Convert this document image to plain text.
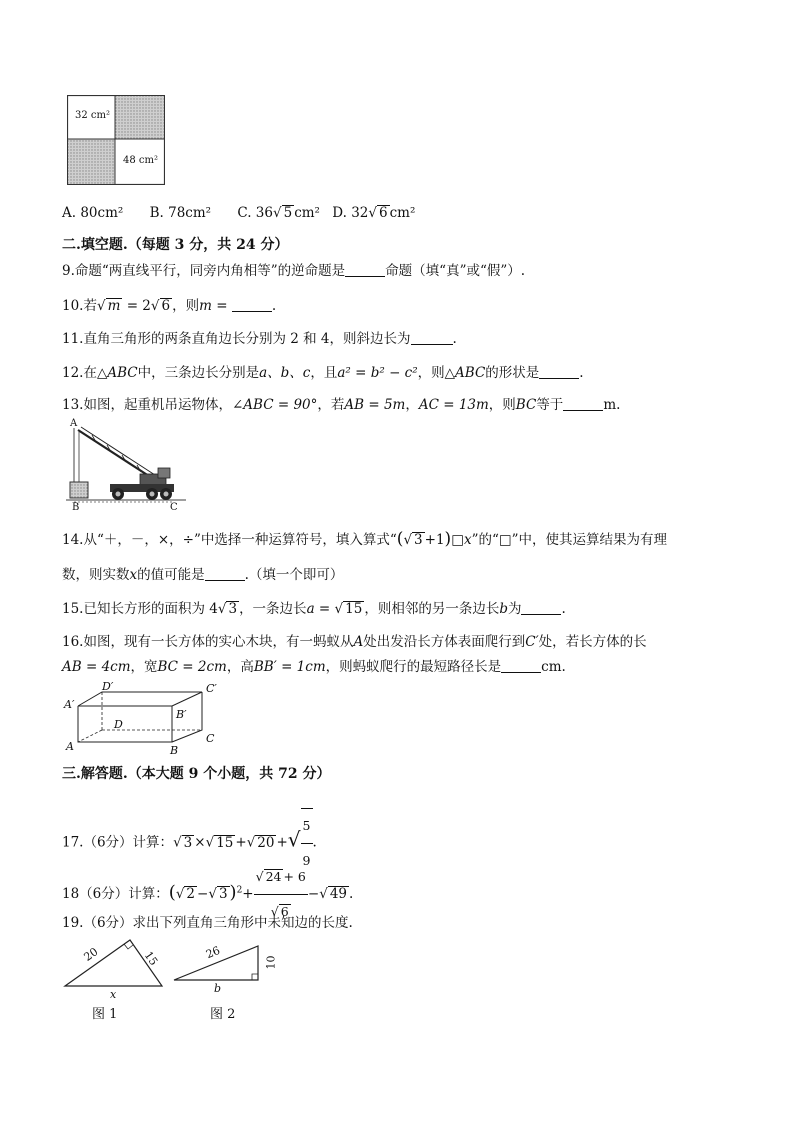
32 cm²
48 cm²
A. 80cm² B. 78cm² C. 36√ 5 cm² D. 32√ 6 cm²
二.填空题.（每题 3 分，共 24 分）
9.命题“两直线平行，同旁内角相等”的逆命题是	命题（填“真”或“假”）.
10.若√ m = 2√ 6 ，则m =	.
11.直角三角形的两条直角边长分别为 2 和 4，则斜边长为	.
12.在△ABC中，三条边长分别是a、b、c，且a² = b² − c²，则△ABC的形状是	.
13.如图，起重机吊运物体，∠ABC = 90°，若AB = 5m，AC = 13m，则BC等于	m.
A
B	C
14.从“＋，－，×，÷”中选择一种运算符号，填入算式“(√ 3 +1)□x”的“□”中，使其运算结果为有理
数，则实数x的值可能是	.（填一个即可）
15.已知长方形的面积为 4√ 3 ，一条边长a = √ 15 ，则相邻的另一条边长b为	.
16.如图，现有一长方体的实心木块，有一蚂蚁从A处出发沿长方体表面爬行到C′处，若长方体的长
AB = 4cm，宽BC = 2cm，高BB′ = 1cm，则蚂蚁爬行的最短路径长是	cm.
A′
D′	C′
B′
D
A	B
C
三.解答题.（本大题 9 个小题，共 72 分）
17.（6分）计算：√ 3 ×√ 15 +√ 20 +√ $\frac{5}{9}$ .
18（6分）计算：(√ 2 −√ 3 )$^2+ \frac{√ 24 + 6}{√ 6}$ −√ 49 .
19.（6分）求出下列直角三角形中未知边的长度.
20	15
x
图 1
26
10
b
图 2
